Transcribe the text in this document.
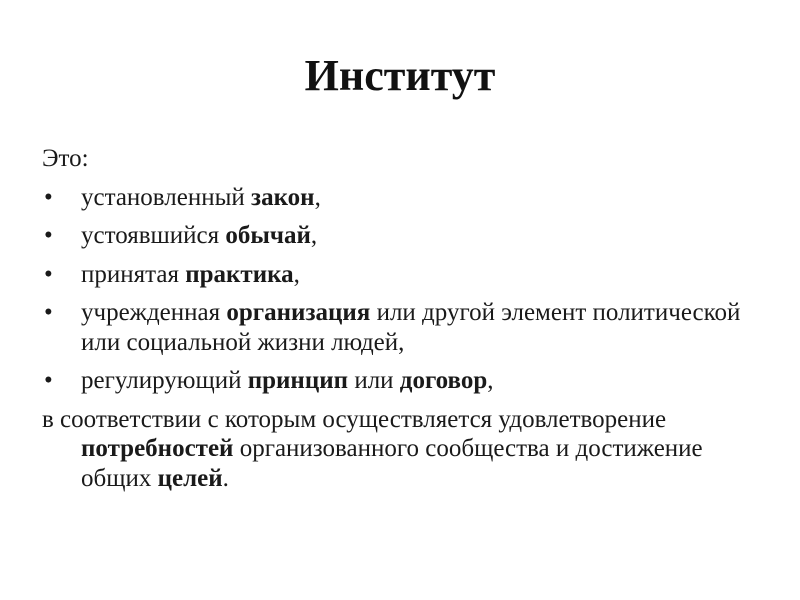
Институт

Это:

•	установленный закон,
•	устоявшийся обычай,
•	принятая практика,
•	учрежденная организация или другой элемент политической или социальной жизни людей,
•	регулирующий принцип или договор,

в соответствии с которым осуществляется удовлетворение потребностей организованного сообщества и достижение общих целей.
